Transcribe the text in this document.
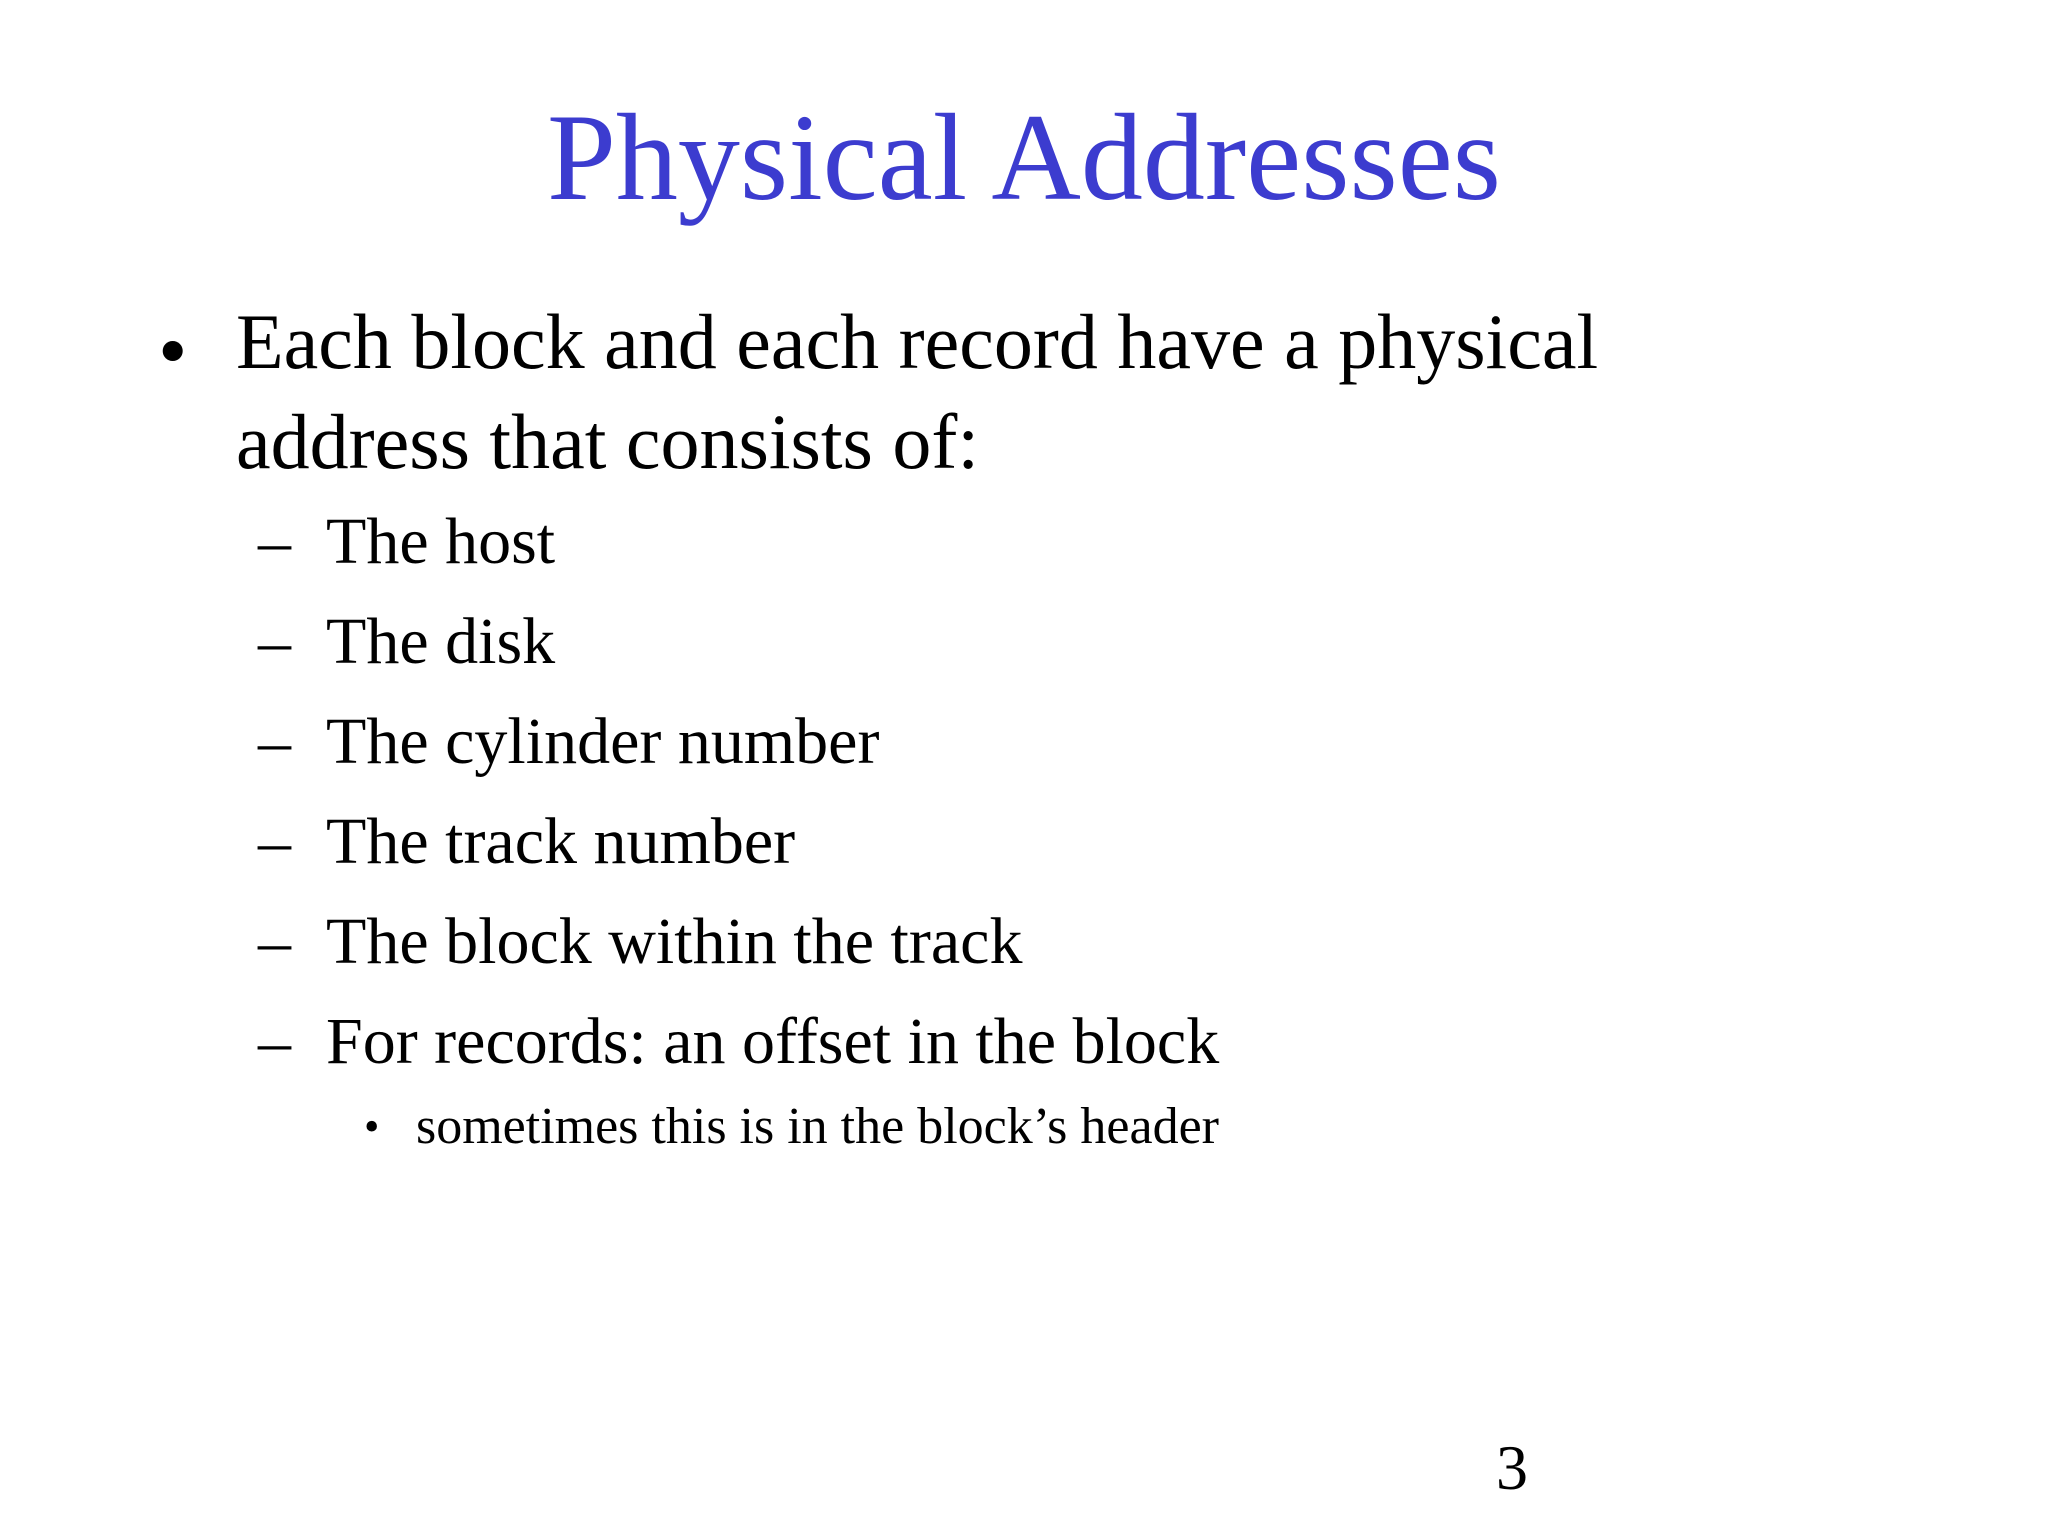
Physical Addresses
• Each block and each record have a physical address that consists of:
– The host
– The disk
– The cylinder number
– The track number
– The block within the track
– For records: an offset in the block
• sometimes this is in the block’s header
3
